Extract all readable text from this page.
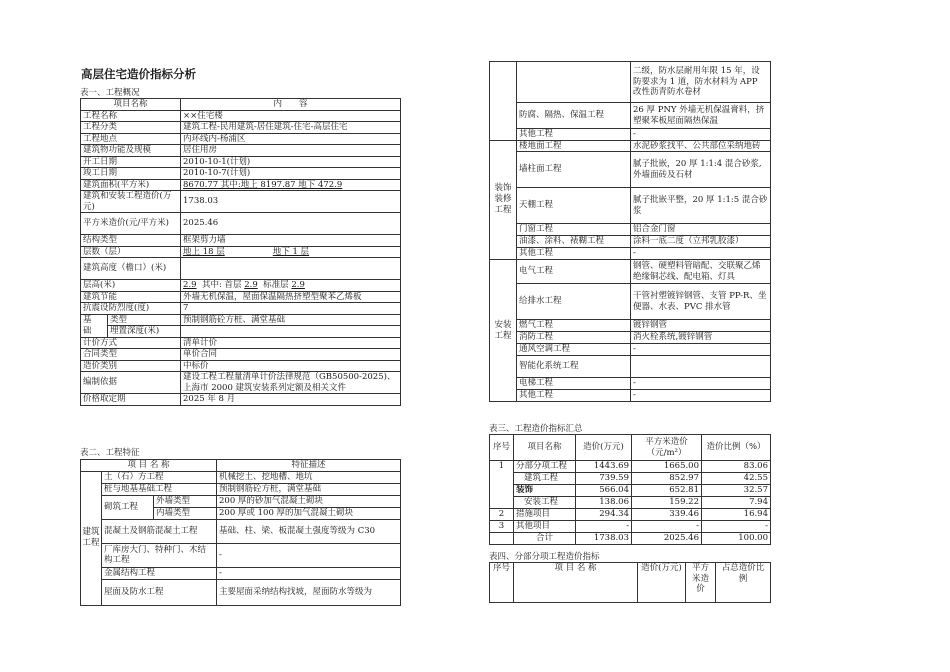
高层住宅造价指标分析
表一、工程概况
项目名称		内　　容
工程名称		××住宅楼
工程分类		建筑工程-民用建筑-居住建筑-住宅-高层住宅
工程地点		内环线内-杨浦区
建筑物功能及规模		居住用房
开工日期		2010-10-1(计划)
竣工日期		2010-10-7(计划)
建筑面积(平方米)		8670.77 其中:地上 8197.87 地下 472.9
建筑和安装工程造价(万元)		1738.03
平方米造价(元/平方米)		2025.46
结构类型		框架剪力墙
层数（层）		地上 18 层 地下 1 层
建筑高度（檐口）(米)		
层高(米)		2.9 其中: 首层 2.9 标准层 2.9
建筑节能		外墙无机保温，屋面保温隔热挤塑型聚苯乙烯板
抗震设防烈度(度)		7
基	类型	预制钢筋砼方桩、满堂基础
础	埋置深度(米)	
计价方式		清单计价
合同类型		单价合同
造价类别		中标价
编制依据		建设工程工程量清单计价法律规范（GB50500-2025)、上海市 2000 建筑安装系列定额及相关文件
价格取定期		2025 年 8 月
表二、工程特征
项 目 名 称			特征描述
建筑工程	土（石）方工程		机械挖土、挖地槽、地坑
	桩与地基基础工程		预制钢筋砼方桩，满堂基础
	砌筑工程	外墙类型	200 厚的砂加气混凝土砌块
		内墙类型	200 厚或 100 厚的加气混凝土砌块
	混凝土及钢筋混凝土工程		基础、柱、梁、板混凝土强度等级为 C30
	厂库房大门、特种门、木结构工程		-
	金属结构工程		-
	屋面及防水工程		主要屋面采纳结构找坡，屋面防水等级为
		二级，防水层耐用年限 15 年，设防要求为 1 道，防水材料为 APP 改性沥青防水卷材
	防腐、隔热、保温工程	26 厚 PNY 外墙无机保温膏料，挤塑聚苯板屋面隔热保温
	其他工程	-

装饰装修工程	楼地面工程	水泥砂浆找平、公共部位采纳地砖
	墙柱面工程	腻子批嵌，20 厚 1:1:4 混合砂浆,外墙面砖及石材
	天棚工程	腻子批嵌平整，20 厚 1:1:5 混合砂浆
	门窗工程	铝合金门窗
	油漆、涂料、裱糊工程	涂料一底二度（立邦乳胶漆）
	其他工程	-

安装工程	电气工程	钢管、硬塑料管暗配、交联聚乙烯绝缘铜芯线、配电箱、灯具
	给排水工程	干管衬塑镀锌钢管、支管 PP-R、坐便器、水表、PVC 排水管
	燃气工程	镀锌钢管
	消防工程	消火栓系统,镀锌钢管
	通风空调工程	-
	智能化系统工程	
	电梯工程	-
	其他工程	-
表三、工程造价指标汇总
序号	项目名称	造价(万元)	平方米造价（元/m²）	造价比例（%）
1	分部分项工程	1443.69	1665.00	83.06
	建筑工程	739.59	852.97	42.55
	装饰	566.04	652.81	32.57
	安装工程	138.06	159.22	7.94
2	措施项目	294.34	339.46	16.94
3	其他项目	-	-	-
	合计	1738.03	2025.46	100.00
表四、分部分项工程造价指标
序号	项 目 名 称	造价(万元)	平方米造价	占总造价比例
